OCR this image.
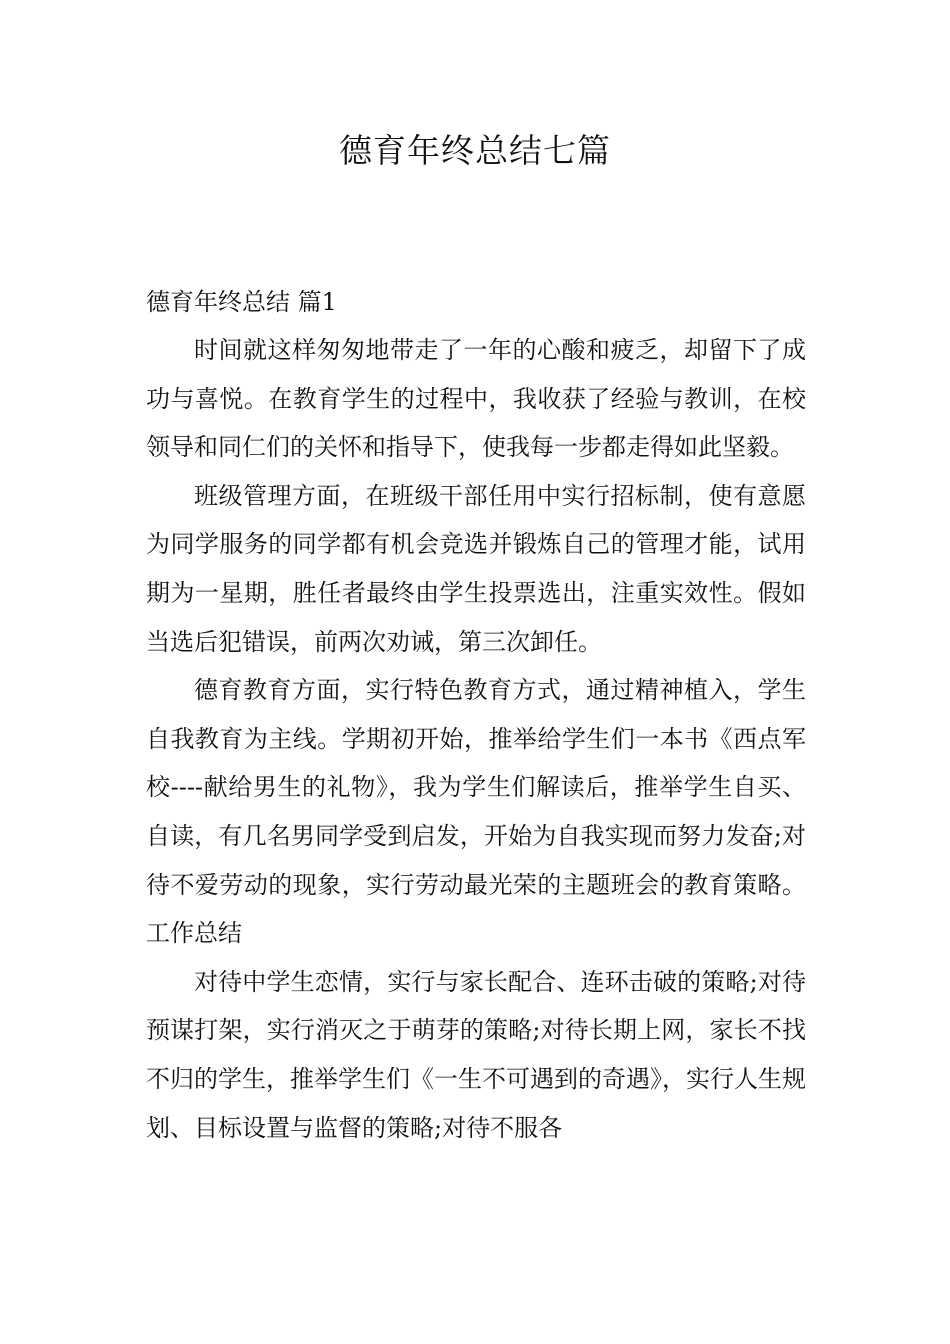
德育年终总结七篇
德育年终总结 篇1

时间就这样匆匆地带走了一年的心酸和疲乏，却留下了成功与喜悦。在教育学生的过程中，我收获了经验与教训，在校领导和同仁们的关怀和指导下，使我每一步都走得如此坚毅。

班级管理方面，在班级干部任用中实行招标制，使有意愿为同学服务的同学都有机会竞选并锻炼自己的管理才能，试用期为一星期，胜任者最终由学生投票选出，注重实效性。假如当选后犯错误，前两次劝诫，第三次卸任。

德育教育方面，实行特色教育方式，通过精神植入，学生自我教育为主线。学期初开始，推举给学生们一本书《西点军校----献给男生的礼物》，我为学生们解读后，推举学生自买、自读，有几名男同学受到启发，开始为自我实现而努力发奋;对待不爱劳动的现象，实行劳动最光荣的主题班会的教育策略。工作总结

对待中学生恋情，实行与家长配合、连环击破的策略;对待预谋打架，实行消灭之于萌芽的策略;对待长期上网，家长不找不归的学生，推举学生们《一生不可遇到的奇遇》，实行人生规划、目标设置与监督的策略;对待不服各
